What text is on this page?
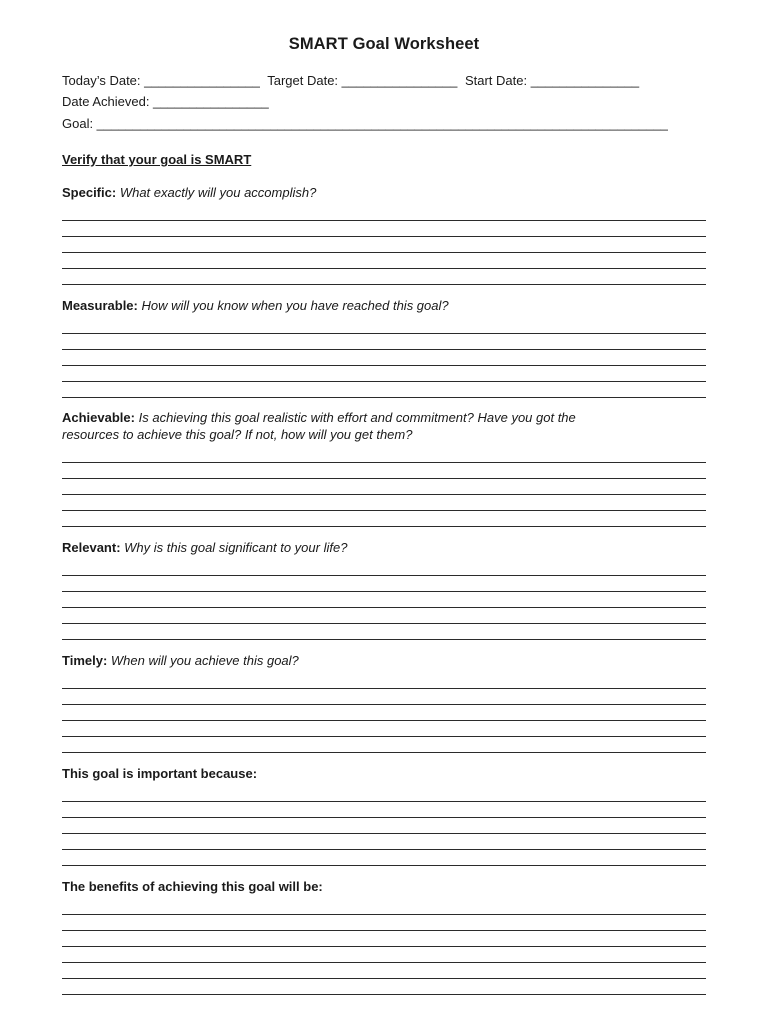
SMART Goal Worksheet
Today’s Date: ________________ Target Date: ________________ Start Date: _______________
Date Achieved: ________________
Goal: _______________________________________________________________________________
Verify that your goal is SMART
Specific: What exactly will you accomplish?
Measurable: How will you know when you have reached this goal?
Achievable: Is achieving this goal realistic with effort and commitment? Have you got the
resources to achieve this goal? If not, how will you get them?
Relevant: Why is this goal significant to your life?
Timely: When will you achieve this goal?
This goal is important because:
The benefits of achieving this goal will be:
